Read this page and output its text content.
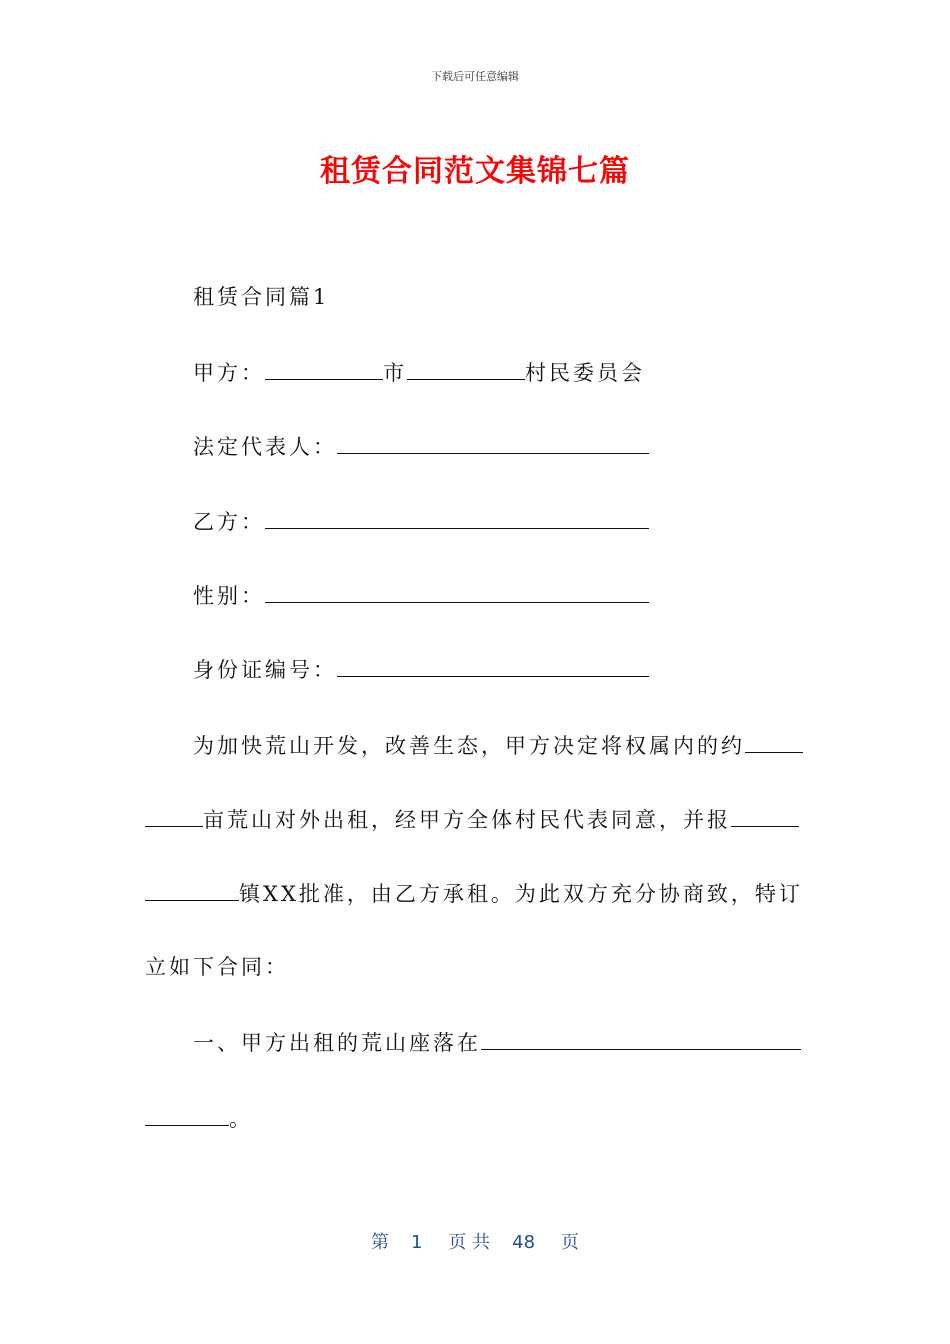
下载后可任意编辑
租赁合同范文集锦七篇
租赁合同篇1
甲方：	市	村民委员会
法定代表人：
乙方：
性别：
身份证编号：
为加快荒山开发，改善生态，甲方决定将权属内的约
亩荒山对外出租，经甲方全体村民代表同意，并报
镇XX批准，由乙方承租。为此双方充分协商致，特订
立如下合同：
一、甲方出租的荒山座落在
。
第 1 页 共 48 页
